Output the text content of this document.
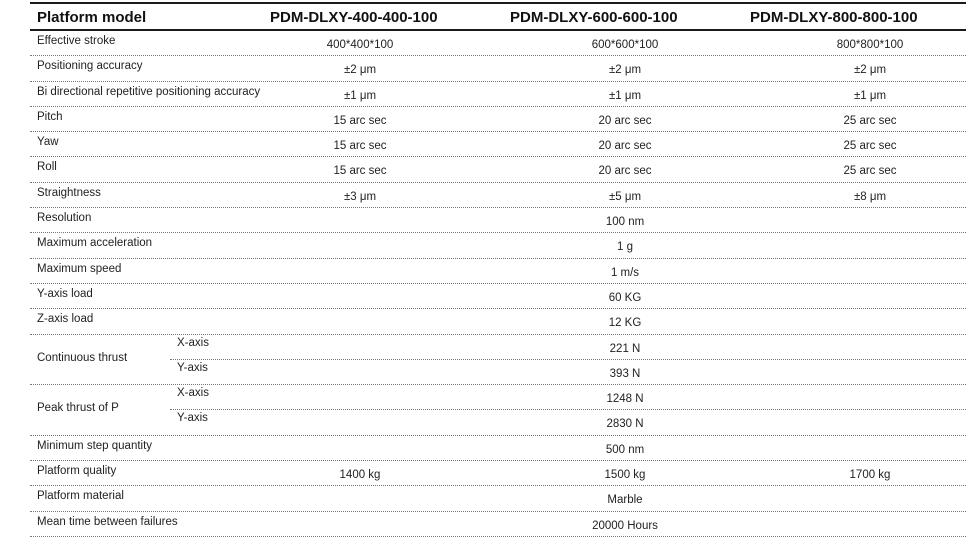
Platform model	PDM-DLXY-400-400-100	PDM-DLXY-600-600-100	PDM-DLXY-800-800-100
Effective stroke	400*400*100	600*600*100	800*800*100
Positioning accuracy	±2 μm	±2 μm	±2 μm
Bi directional repetitive positioning accuracy	±1 μm	±1 μm	±1 μm
Pitch	15 arc sec	20 arc sec	25 arc sec
Yaw	15 arc sec	20 arc sec	25 arc sec
Roll	15 arc sec	20 arc sec	25 arc sec
Straightness	±3 μm	±5 μm	±8 μm
Resolution	100 nm
Maximum acceleration	1 g
Maximum speed	1 m/s
Y-axis load	60 KG
Z-axis load	12 KG
Continuous thrust
X-axis	221 N
Y-axis	393 N
Peak thrust of P
X-axis	1248 N
Y-axis	2830 N
Minimum step quantity	500 nm
Platform quality	1400 kg	1500 kg	1700 kg
Platform material	Marble
Mean time between failures	20000 Hours
